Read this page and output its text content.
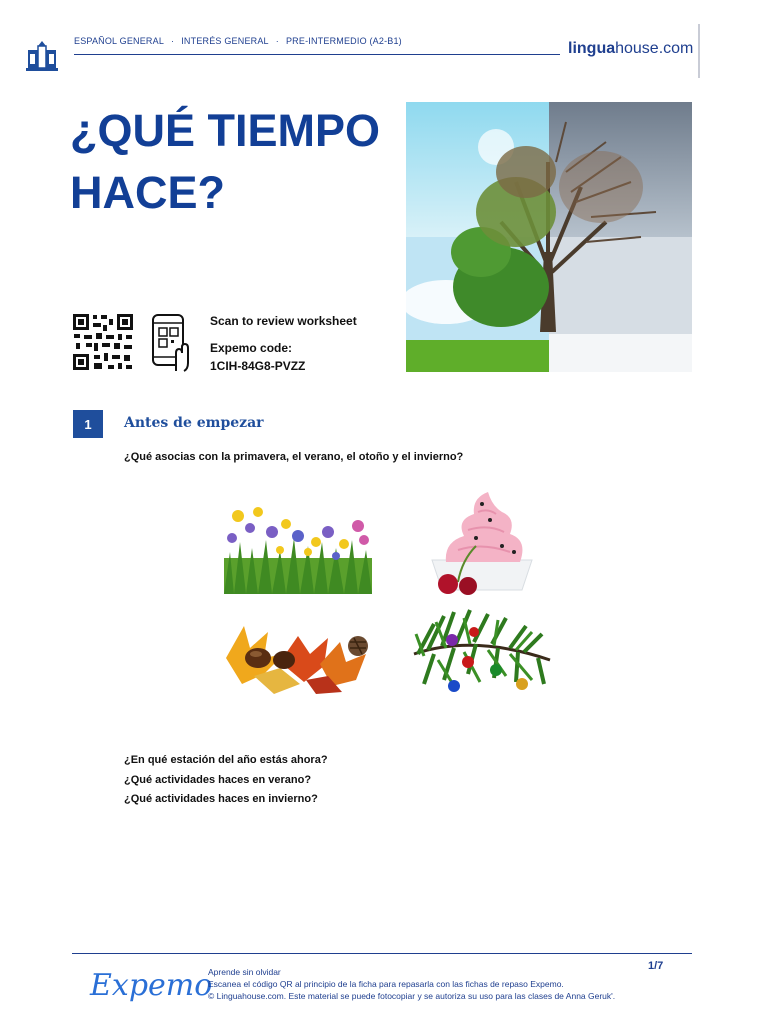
ESPAÑOL GENERAL · INTERÉS GENERAL · PRE-INTERMEDIO (A2-B1)	linguahouse.com
¿QUÉ TIEMPO
HACE?
Scan to review worksheet
Expemo code:
1CIH-84G8-PVZZ
1	Antes de empezar
¿Qué asocias con la primavera, el verano, el otoño y el invierno?
¿En qué estación del año estás ahora?
¿Qué actividades haces en verano?
¿Qué actividades haces en invierno?
Expemo
Aprende sin olvidar
Escanea el código QR al principio de la ficha para repasarla con las fichas de repaso Expemo.
© Linguahouse.com. Este material se puede fotocopiar y se autoriza su uso para las clases de Anna Geruk'.
1/7
